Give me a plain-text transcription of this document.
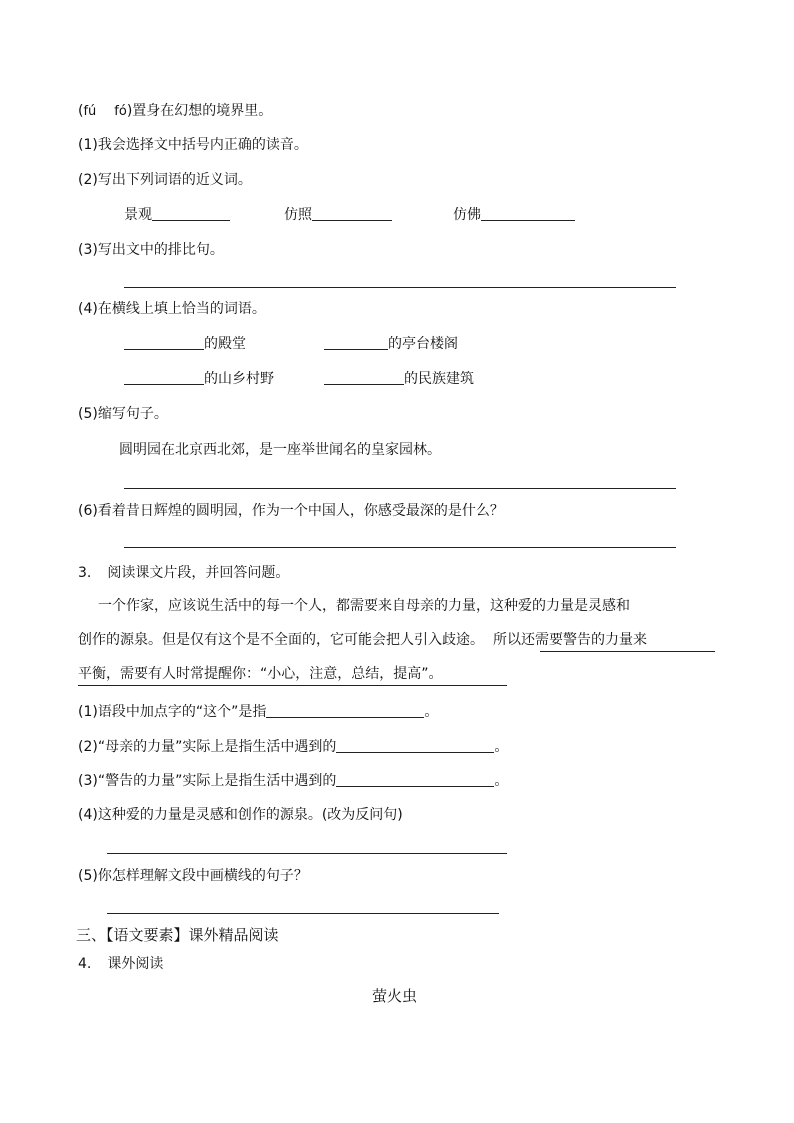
(fú fó)置身在幻想的境界里。
(1)我会选择文中括号内正确的读音。
(2)写出下列词语的近义词。
景观	仿照	仿佛
(3)写出文中的排比句。
(4)在横线上填上恰当的词语。
的殿堂	的亭台楼阁
的山乡村野	的民族建筑
(5)缩写句子。
圆明园在北京西北郊，是一座举世闻名的皇家园林。
(6)看着昔日辉煌的圆明园，作为一个中国人，你感受最深的是什么？
3. 阅读课文片段，并回答问题。
一个作家，应该说生活中的每一个人，都需要来自母亲的力量，这种爱的力量是灵感和
创作的源泉。但是仅有这个是不全面的，它可能会把人引入歧途。 所以还需要警告的力量来
平衡，需要有人时常提醒你：“小心，注意，总结，提高”。
(1)语段中加点字的“这个”是指	。
(2)“母亲的力量”实际上是指生活中遇到的	。
(3)“警告的力量”实际上是指生活中遇到的	。
(4)这种爱的力量是灵感和创作的源泉。(改为反问句)
(5)你怎样理解文段中画横线的句子？
三、【语文要素】课外精品阅读
4. 课外阅读
萤火虫
